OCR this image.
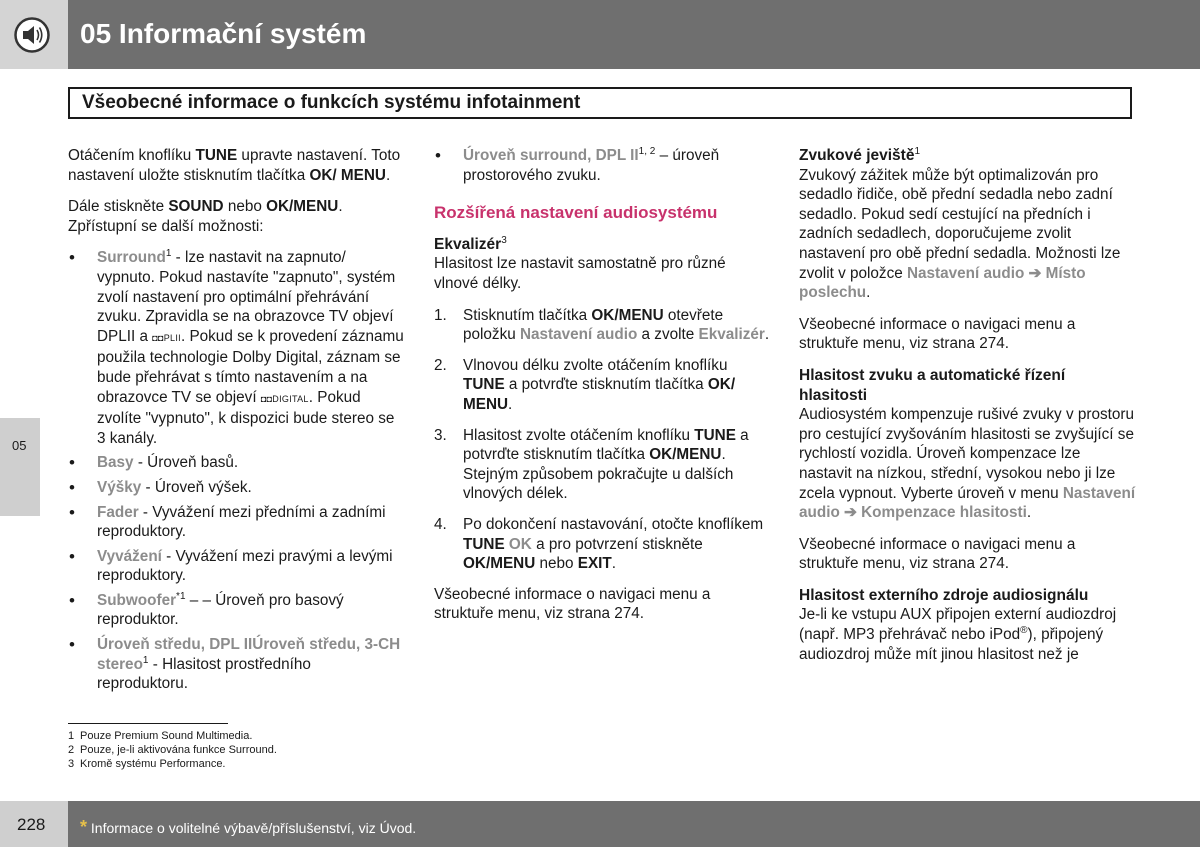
05 Informační systém
Všeobecné informace o funkcích systému infotainment
05

Otáčením knoflíku TUNE upravte nastavení. Toto nastavení uložte stisknutím tlačítka OK/ MENU.

Dále stiskněte SOUND nebo OK/MENU. Zpřístupní se další možnosti:

• Surround$^1$ - lze nastavit na zapnuto/ vypnuto. Pokud nastavíte "zapnuto", systém zvolí nastavení pro optimální přehrávání zvuku. Zpravidla se na obrazovce TV objeví DPLII a ◘◘PLII. Pokud se k provedení záznamu použila technologie Dolby Digital, záznam se bude přehrávat s tímto nastavením a na obrazovce TV se objeví ◘◘DIGITAL. Pokud zvolíte "vypnuto", k dispozici bude stereo se 3 kanály.
• Basy - Úroveň basů.
• Výšky - Úroveň výšek.
• Fader - Vyvážení mezi předními a zadními reproduktory.
• Vyvážení - Vyvážení mezi pravými a levými reproduktory.
• Subwoofer$^{*1}$ – – Úroveň pro basový reproduktor.
• Úroveň středu, DPL IIÚroveň středu, 3-CH stereo$^1$ - Hlasitost prostředního reproduktoru.
• Úroveň surround, DPL II$^{1, 2}$ – úroveň prostorového zvuku.

Rozšířená nastavení audiosystému

Ekvalizér$^3$

Hlasitost lze nastavit samostatně pro různé vlnové délky.

1. Stisknutím tlačítka OK/MENU otevřete položku Nastavení audio a zvolte Ekvalizér.
2. Vlnovou délku zvolte otáčením knoflíku TUNE a potvrďte stisknutím tlačítka OK/ MENU.
3. Hlasitost zvolte otáčením knoflíku TUNE a potvrďte stisknutím tlačítka OK/MENU. Stejným způsobem pokračujte u dalších vlnových délek.
4. Po dokončení nastavování, otočte knoflíkem TUNE OK a pro potvrzení stiskněte OK/MENU nebo EXIT.

Všeobecné informace o navigaci menu a struktuře menu, viz strana 274.

Zvukové jeviště$^1$

Zvukový zážitek může být optimalizován pro sedadlo řidiče, obě přední sedadla nebo zadní sedadlo. Pokud sedí cestující na předních i zadních sedadlech, doporučujeme zvolit nastavení pro obě přední sedadla. Možnosti lze zvolit v položce Nastavení audio ➔ Místo poslechu.

Všeobecné informace o navigaci menu a struktuře menu, viz strana 274.

Hlasitost zvuku a automatické řízení hlasitosti

Audiosystém kompenzuje rušivé zvuky v prostoru pro cestující zvyšováním hlasitosti se zvyšující se rychlostí vozidla. Úroveň kompenzace lze nastavit na nízkou, střední, vysokou nebo ji lze zcela vypnout. Vyberte úroveň v menu Nastavení audio ➔ Kompenzace hlasitosti.

Všeobecné informace o navigaci menu a struktuře menu, viz strana 274.

Hlasitost externího zdroje audiosignálu

Je-li ke vstupu AUX připojen externí audiozdroj (např. MP3 přehrávač nebo iPod®), připojený audiozdroj může mít jinou hlasitost než je

1 Pouze Premium Sound Multimedia.
2 Pouze, je-li aktivována funkce Surround.
3 Kromě systému Performance.
228 * Informace o volitelné výbavě/příslušenství, viz Úvod.
